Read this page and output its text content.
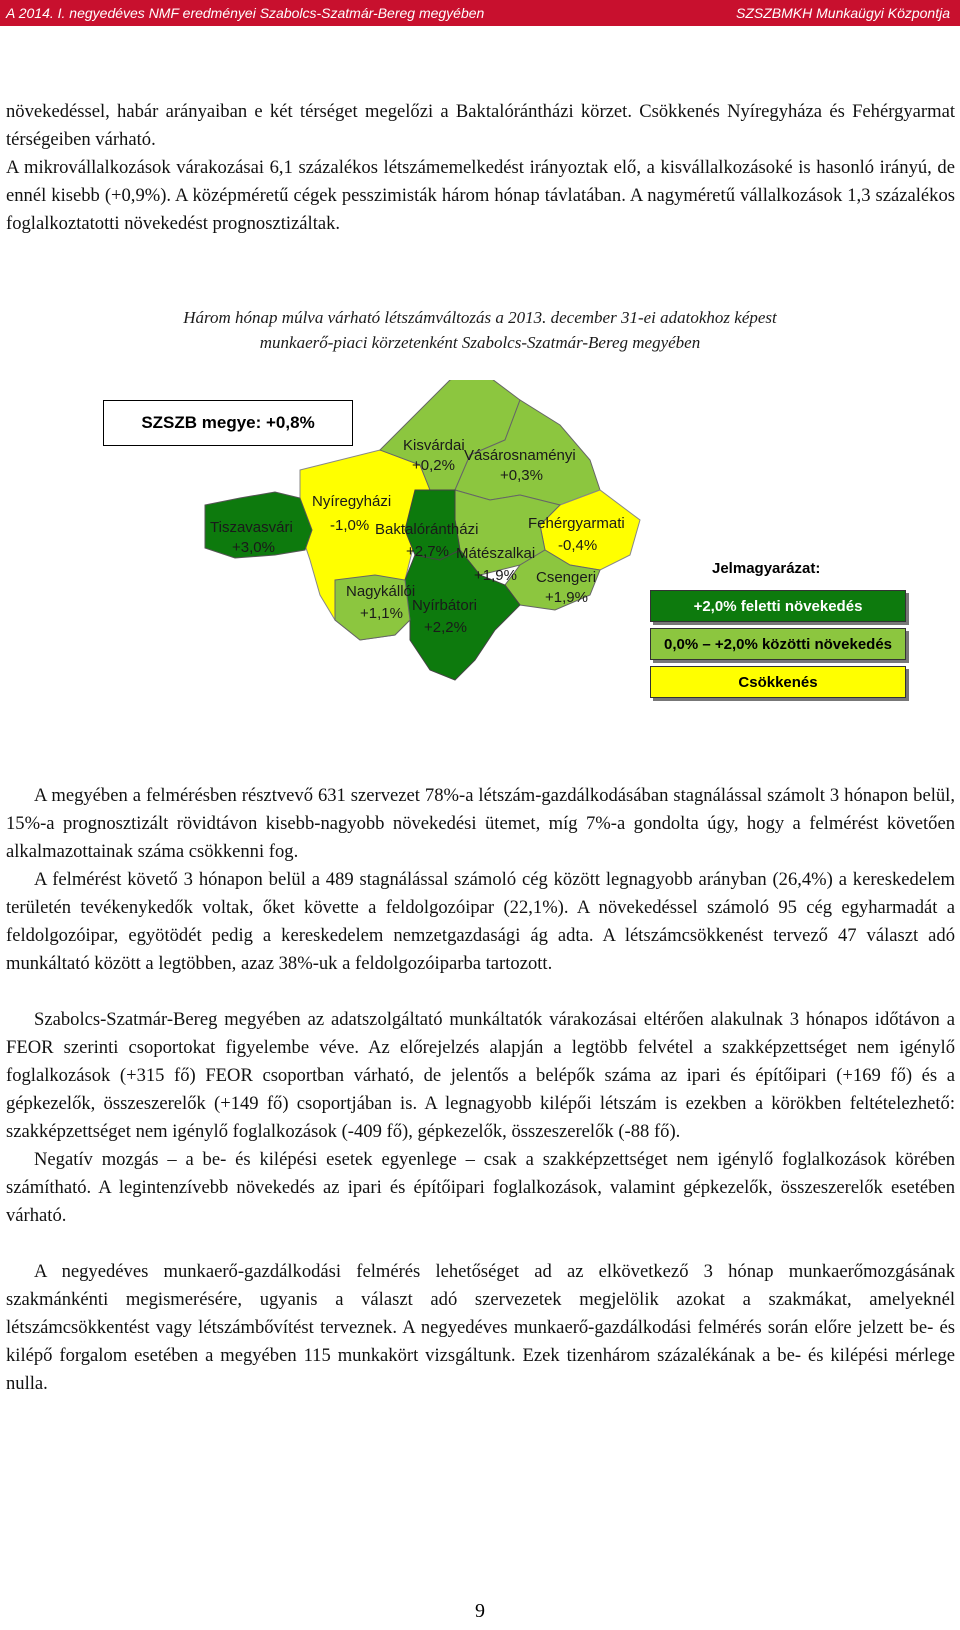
A 2014. I. negyedéves NMF eredményei Szabolcs-Szatmár-Bereg megyében	SZSZBMKH Munkaügyi Központja

növekedéssel, habár arányaiban e két térséget megelőzi a Baktalórántházi körzet. Csökkenés Nyíregyháza és Fehérgyarmat térségeiben várható.

A mikrovállalkozások várakozásai 6,1 százalékos létszámemelkedést irányoztak elő, a kisvállalkozásoké is hasonló irányú, de ennél kisebb (+0,9%). A középméretű cégek pesszimisták három hónap távlatában. A nagyméretű vállalkozások 1,3 százalékos foglalkoztatotti növekedést prognosztizáltak.

Három hónap múlva várható létszámváltozás a 2013. december 31-ei adatokhoz képest
munkaerő-piaci körzetenként Szabolcs-Szatmár-Bereg megyében
SZSZB megye: +0,8%
Kisvárdai
+0,2%
Vásárosnaményi
+0,3%
Tiszavasvári
+3,0%
Nyíregyházi
-1,0% Baktalórántházi
+2,7%
Fehérgyarmati
-0,4%
Mátészalkai
+1,9% Csengeri
+1,9%
Nagykállói
+1,1% Nyírbátori
+2,2%
Jelmagyarázat:
+2,0% feletti növekedés
0,0% – +2,0% közötti növekedés
Csökkenés

A megyében a felmérésben résztvevő 631 szervezet 78%-a létszám-gazdálkodásában stagnálással számolt 3 hónapon belül, 15%-a prognosztizált rövidtávon kisebb-nagyobb növekedési ütemet, míg 7%-a gondolta úgy, hogy a felmérést követően alkalmazottainak száma csökkenni fog.

A felmérést követő 3 hónapon belül a 489 stagnálással számoló cég között legnagyobb arányban (26,4%) a kereskedelem területén tevékenykedők voltak, őket követte a feldolgozóipar (22,1%). A növekedéssel számoló 95 cég egyharmadát a feldolgozóipar, egyötödét pedig a kereskedelem nemzetgazdasági ág adta. A létszámcsökkenést tervező 47 választ adó munkáltató között a legtöbben, azaz 38%-uk a feldolgozóiparba tartozott.

Szabolcs-Szatmár-Bereg megyében az adatszolgáltató munkáltatók várakozásai eltérően alakulnak 3 hónapos időtávon a FEOR szerinti csoportokat figyelembe véve. Az előrejelzés alapján a legtöbb felvétel a szakképzettséget nem igénylő foglalkozások (+315 fő) FEOR csoportban várható, de jelentős a belépők száma az ipari és építőipari (+169 fő) és a gépkezelők, összeszerelők (+149 fő) csoportjában is. A legnagyobb kilépői létszám is ezekben a körökben feltételezhető: szakképzettséget nem igénylő foglalkozások (-409 fő), gépkezelők, összeszerelők (-88 fő).

Negatív mozgás – a be- és kilépési esetek egyenlege – csak a szakképzettséget nem igénylő foglalkozások körében számítható. A legintenzívebb növekedés az ipari és építőipari foglalkozások, valamint gépkezelők, összeszerelők esetében várható.

A negyedéves munkaerő-gazdálkodási felmérés lehetőséget ad az elkövetkező 3 hónap munkaerőmozgásának szakmánkénti megismerésére, ugyanis a választ adó szervezetek megjelölik azokat a szakmákat, amelyeknél létszámcsökkentést vagy létszámbővítést terveznek. A negyedéves munkaerő-gazdálkodási felmérés során előre jelzett be- és kilépő forgalom esetében a megyében 115 munkakört vizsgáltunk. Ezek tizenhárom százalékának a be- és kilépési mérlege nulla.

9
